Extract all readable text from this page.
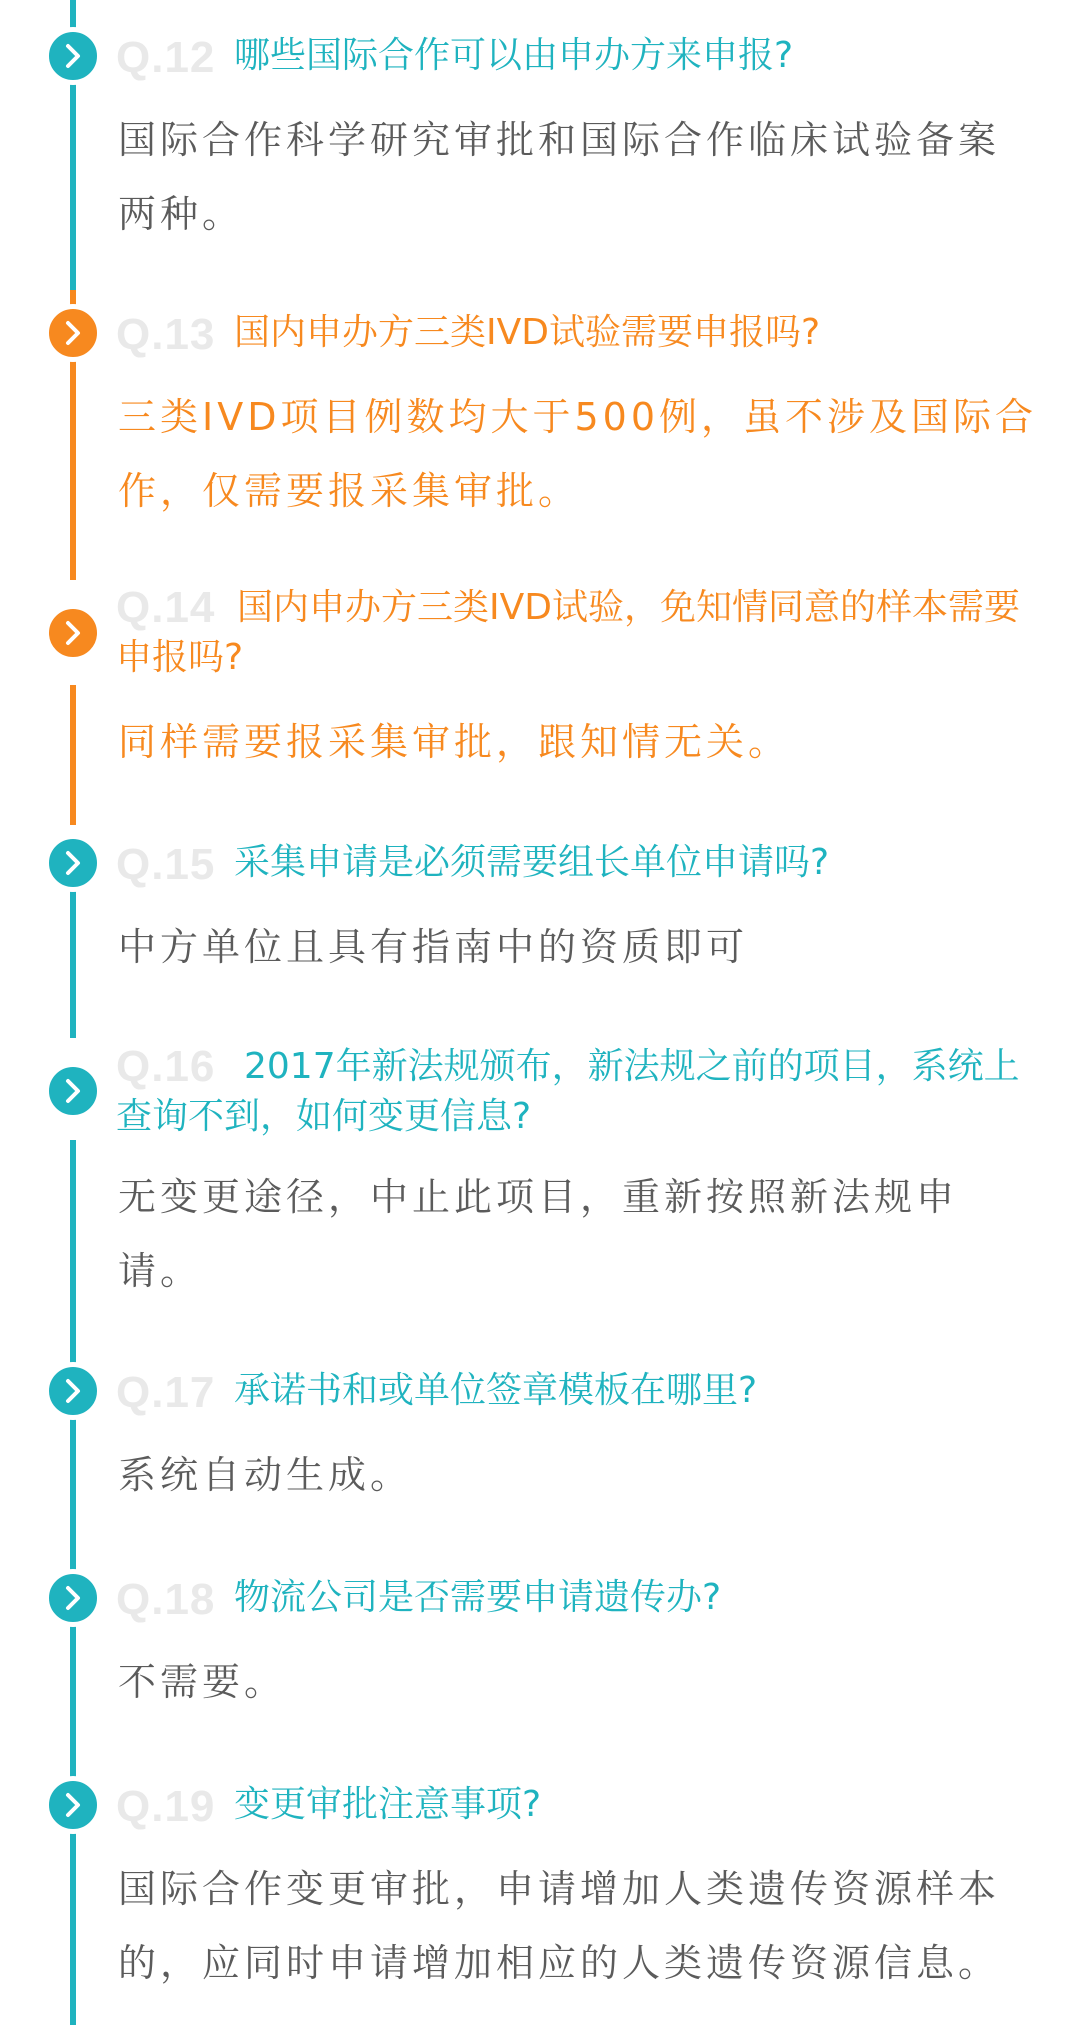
Q.12 哪些国际合作可以由申办方来申报?
国际合作科学研究审批和国际合作临床试验备案两种。
Q.13 国内申办方三类IVD试验需要申报吗?
三类IVD项目例数均大于500例，虽不涉及国际合作，仅需要报采集审批。
Q.14 国内申办方三类IVD试验，免知情同意的样本需要申报吗?
同样需要报采集审批，跟知情无关。
Q.15 采集申请是必须需要组长单位申请吗?
中方单位且具有指南中的资质即可
Q.16 2017年新法规颁布，新法规之前的项目，系统上查询不到，如何变更信息?
无变更途径，中止此项目，重新按照新法规申请。
Q.17 承诺书和或单位签章模板在哪里?
系统自动生成。
Q.18 物流公司是否需要申请遗传办?
不需要。
Q.19 变更审批注意事项?
国际合作变更审批，申请增加人类遗传资源样本的，应同时申请增加相应的人类遗传资源信息。
